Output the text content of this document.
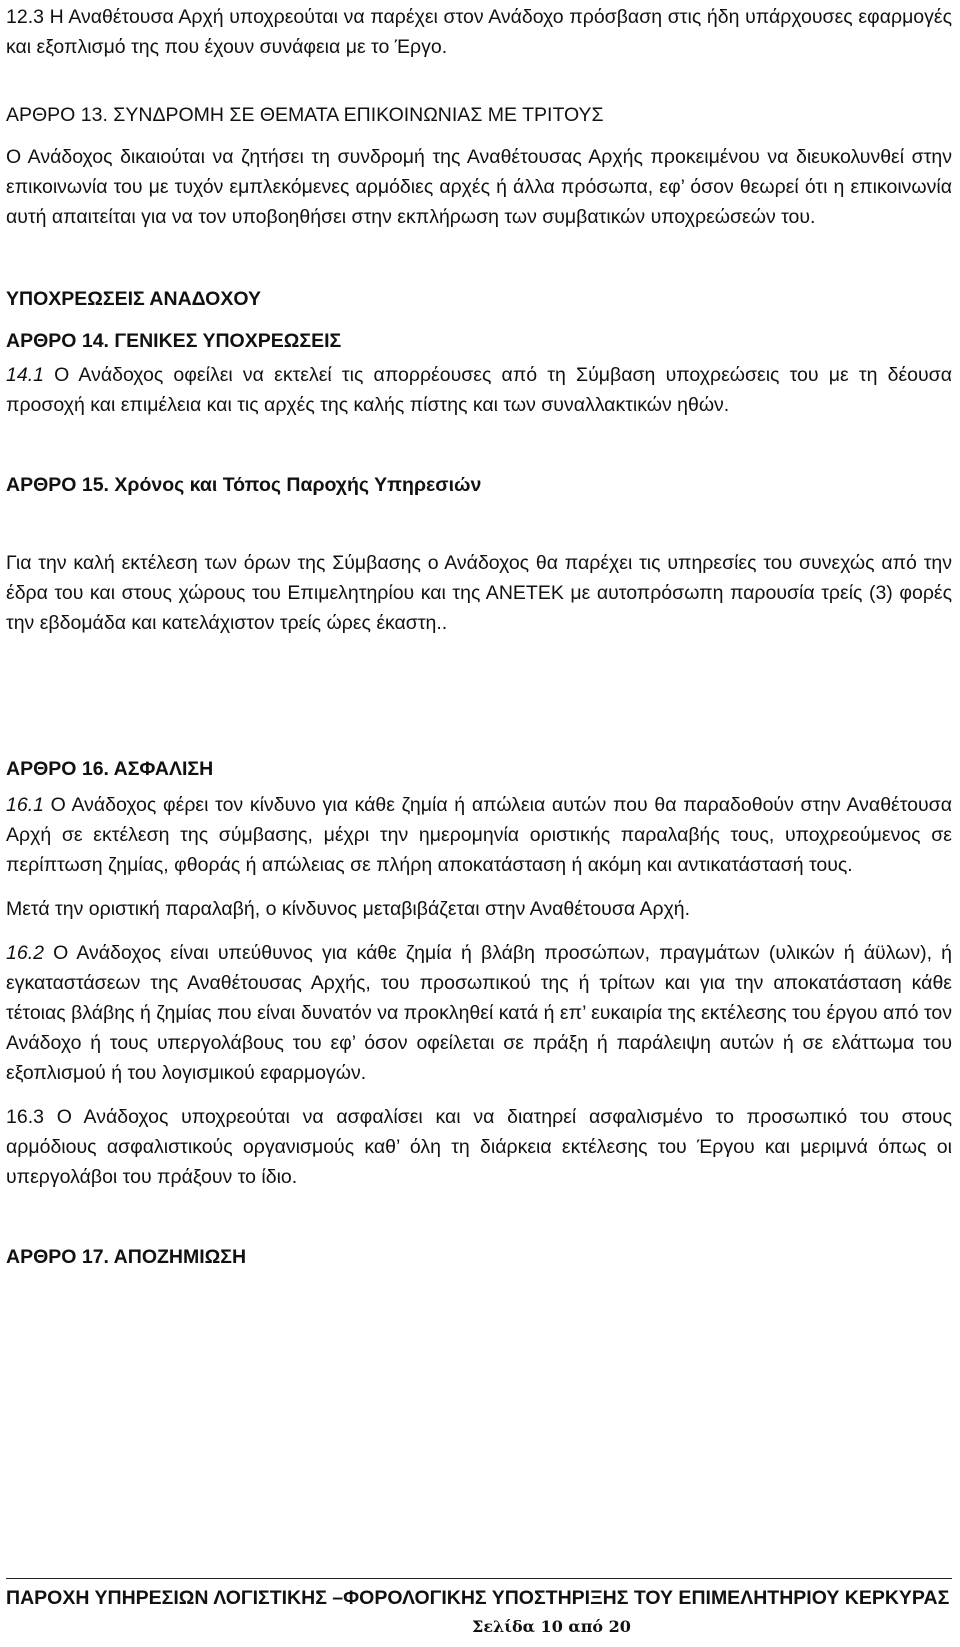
12.3 Η Αναθέτουσα Αρχή υποχρεούται να παρέχει στον Ανάδοχο πρόσβαση στις ήδη υπάρχουσες εφαρμογές και εξοπλισμό της που έχουν συνάφεια με το Έργο.

ΑΡΘΡΟ 13. ΣΥΝΔΡΟΜΗ ΣΕ ΘΕΜΑΤΑ ΕΠΙΚΟΙΝΩΝΙΑΣ ΜΕ ΤΡΙΤΟΥΣ

Ο Ανάδοχος δικαιούται να ζητήσει τη συνδρομή της Αναθέτουσας Αρχής προκειμένου να διευκολυνθεί στην επικοινωνία του με τυχόν εμπλεκόμενες αρμόδιες αρχές ή άλλα πρόσωπα, εφ’ όσον θεωρεί ότι η επικοινωνία αυτή απαιτείται για να τον υποβοηθήσει στην εκπλήρωση των συμβατικών υποχρεώσεών του.

ΥΠΟΧΡΕΩΣΕΙΣ ΑΝΑΔΟΧΟΥ

ΑΡΘΡΟ 14. ΓΕΝΙΚΕΣ ΥΠΟΧΡΕΩΣΕΙΣ

14.1 Ο Ανάδοχος οφείλει να εκτελεί τις απορρέουσες από τη Σύμβαση υποχρεώσεις του με τη δέουσα προσοχή και επιμέλεια και τις αρχές της καλής πίστης και των συναλλακτικών ηθών.

ΑΡΘΡΟ 15. Χρόνος και Τόπος Παροχής Υπηρεσιών

Για την καλή εκτέλεση των όρων της Σύμβασης ο Ανάδοχος θα παρέχει τις υπηρεσίες του συνεχώς από την έδρα του και στους χώρους του Επιμελητηρίου και της ΑΝΕΤΕΚ με αυτοπρόσωπη παρουσία τρείς (3) φορές την εβδομάδα και κατελάχιστον τρείς ώρες έκαστη..

ΑΡΘΡΟ 16. ΑΣΦΑΛΙΣΗ

16.1 Ο Ανάδοχος φέρει τον κίνδυνο για κάθε ζημία ή απώλεια αυτών που θα παραδοθούν στην Αναθέτουσα Αρχή σε εκτέλεση της σύμβασης, μέχρι την ημερομηνία οριστικής παραλαβής τους, υποχρεούμενος σε περίπτωση ζημίας, φθοράς ή απώλειας σε πλήρη αποκατάσταση ή ακόμη και αντικατάστασή τους.

Μετά την οριστική παραλαβή, ο κίνδυνος μεταβιβάζεται στην Αναθέτουσα Αρχή.

16.2 Ο Ανάδοχος είναι υπεύθυνος για κάθε ζημία ή βλάβη προσώπων, πραγμάτων (υλικών ή άϋλων), ή εγκαταστάσεων της Αναθέτουσας Αρχής, του προσωπικού της ή τρίτων και για την αποκατάσταση κάθε τέτοιας βλάβης ή ζημίας που είναι δυνατόν να προκληθεί κατά ή επ’ ευκαιρία της εκτέλεσης του έργου από τον Ανάδοχο ή τους υπεργολάβους του εφ’ όσον οφείλεται σε πράξη ή παράλειψη αυτών ή σε ελάττωμα του εξοπλισμού ή του λογισμικού εφαρμογών.

16.3 Ο Ανάδοχος υποχρεούται να ασφαλίσει και να διατηρεί ασφαλισμένο το προσωπικό του στους αρμόδιους ασφαλιστικούς οργανισμούς καθ’ όλη τη διάρκεια εκτέλεσης του Έργου και μεριμνά όπως οι υπεργολάβοι του πράξουν το ίδιο.

ΑΡΘΡΟ 17. ΑΠΟΖΗΜΙΩΣΗ

ΠΑΡΟΧΗ ΥΠΗΡΕΣΙΩΝ ΛΟΓΙΣΤΙΚΗΣ –ΦΟΡΟΛΟΓΙΚΗΣ ΥΠΟΣΤΗΡΙΞΗΣ ΤΟΥ ΕΠΙΜΕΛΗΤΗΡΙΟΥ ΚΕΡΚΥΡΑΣ

Σελίδα 10 από 20
